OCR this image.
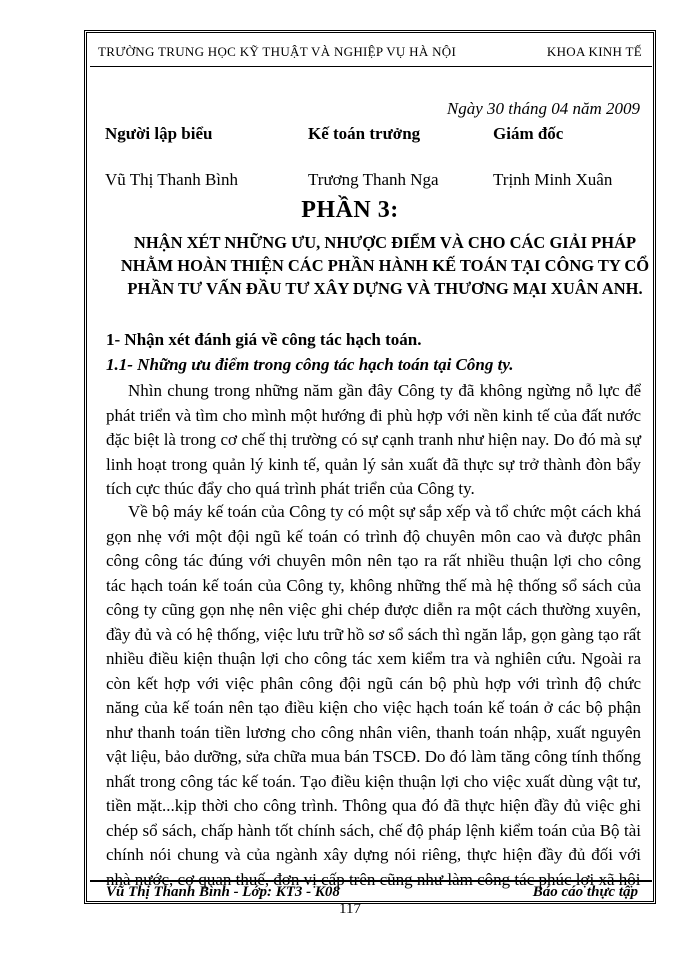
TRƯỜNG TRUNG HỌC KỸ THUẬT VÀ NGHIỆP VỤ HÀ NỘI	KHOA KINH TẾ
Ngày 30 tháng 04 năm 2009
Người lập biểu	Kế toán trưởng	Giám đốc
Vũ Thị Thanh Bình	Trương Thanh Nga	Trịnh Minh Xuân
PHẦN 3:
NHẬN XÉT NHỮNG ƯU, NHƯỢC ĐIỂM VÀ CHO CÁC GIẢI PHÁP NHẰM HOÀN THIỆN CÁC PHẦN HÀNH KẾ TOÁN TẠI CÔNG TY CỔ PHẦN TƯ VẤN ĐẦU TƯ XÂY DỰNG VÀ THƯƠNG MẠI XUÂN ANH.
1- Nhận xét đánh giá về công tác hạch toán.
1.1- Những ưu điểm trong công tác hạch toán tại Công ty.

Nhìn chung trong những năm gần đây Công ty đã không ngừng nỗ lực để phát triển và tìm cho mình một hướng đi phù hợp với nền kinh tế của đất nước đặc biệt là trong cơ chế thị trường có sự cạnh tranh như hiện nay. Do đó mà sự linh hoạt trong quản lý kinh tế, quản lý sản xuất đã thực sự trở thành đòn bẩy tích cực thúc đẩy cho quá trình phát triển của Công ty.

Về bộ máy kế toán của Công ty có một sự sắp xếp và tổ chức một cách khá gọn nhẹ với một đội ngũ kế toán có trình độ chuyên môn cao và được phân công công tác đúng với chuyên môn nên tạo ra rất nhiều thuận lợi cho công tác hạch toán kế toán của Công ty, không những thế mà hệ thống sổ sách của công ty cũng gọn nhẹ nên việc ghi chép được diễn ra một cách thường xuyên, đầy đủ và có hệ thống, việc lưu trữ hồ sơ sổ sách thì ngăn lắp, gọn gàng tạo rất nhiều điều kiện thuận lợi cho công tác xem kiểm tra và nghiên cứu. Ngoài ra còn kết hợp với việc phân công đội ngũ cán bộ phù hợp với trình độ chức năng của kế toán nên tạo điều kiện cho việc hạch toán kế toán ở các bộ phận như thanh toán tiền lương cho công nhân viên, thanh toán nhập, xuất nguyên vật liệu, bảo dưỡng, sửa chữa mua bán TSCĐ. Do đó làm tăng công tính thống nhất trong công tác kế toán. Tạo điều kiện thuận lợi cho việc xuất dùng vật tư, tiền mặt...kịp thời cho công trình. Thông qua đó đã thực hiện đầy đủ việc ghi chép sổ sách, chấp hành tốt chính sách, chế độ pháp lệnh kiểm toán của Bộ tài chính nói chung và của ngành xây dựng nói riêng, thực hiện đầy đủ đối với nhà nước, cơ quan thuế, đơn vị cấp trên cũng như làm công tác phúc lợi xã hội

Vũ Thị Thanh Bình - Lớp: KT3 - K08	Báo cáo thực tập
117
